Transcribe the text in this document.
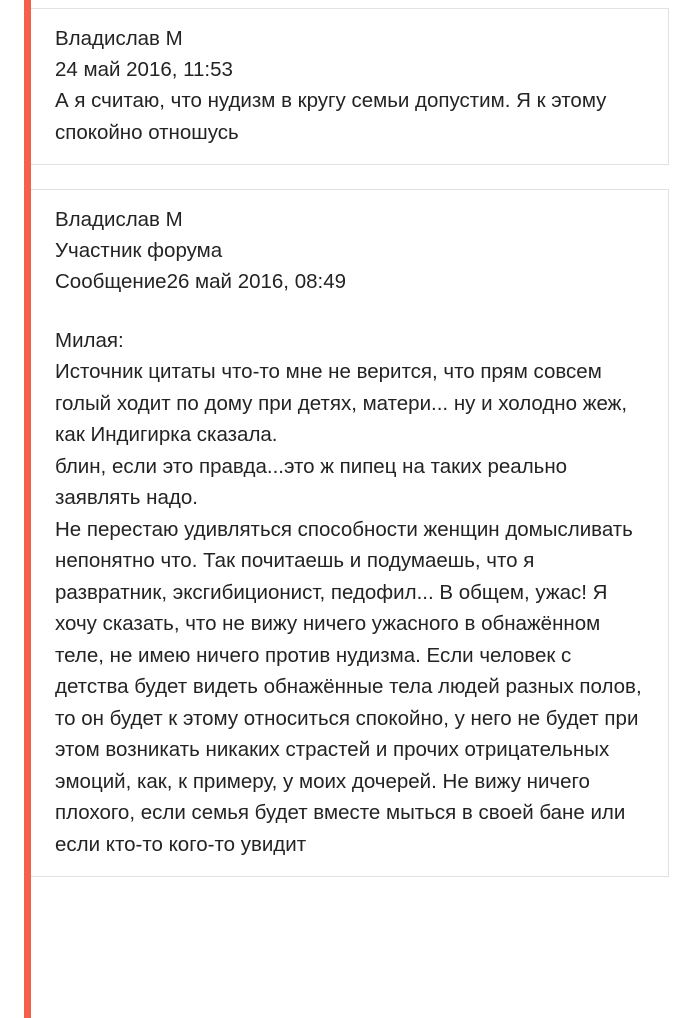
Владислав М
24 май 2016, 11:53

А я считаю, что нудизм в кругу семьи допустим. Я к этому спокойно отношусь

Владислав М
Участник форума
Сообщение26 май 2016, 08:49
Милая:

Источник цитаты что-то мне не верится, что прям совсем голый ходит по дому при детях, матери... ну и холодно жеж, как Индигирка сказала.

блин, если это правда...это ж пипец на таких реально заявлять надо.

Не перестаю удивляться способности женщин домысливать непонятно что. Так почитаешь и подумаешь, что я развратник, эксгибиционист, педофил... В общем, ужас! Я хочу сказать, что не вижу ничего ужасного в обнажённом теле, не имею ничего против нудизма. Если человек с детства будет видеть обнажённые тела людей разных полов, то он будет к этому относиться спокойно, у него не будет при этом возникать никаких страстей и прочих отрицательных эмоций, как, к примеру, у моих дочерей. Не вижу ничего плохого, если семья будет вместе мыться в своей бане или если кто-то кого-то увидит
